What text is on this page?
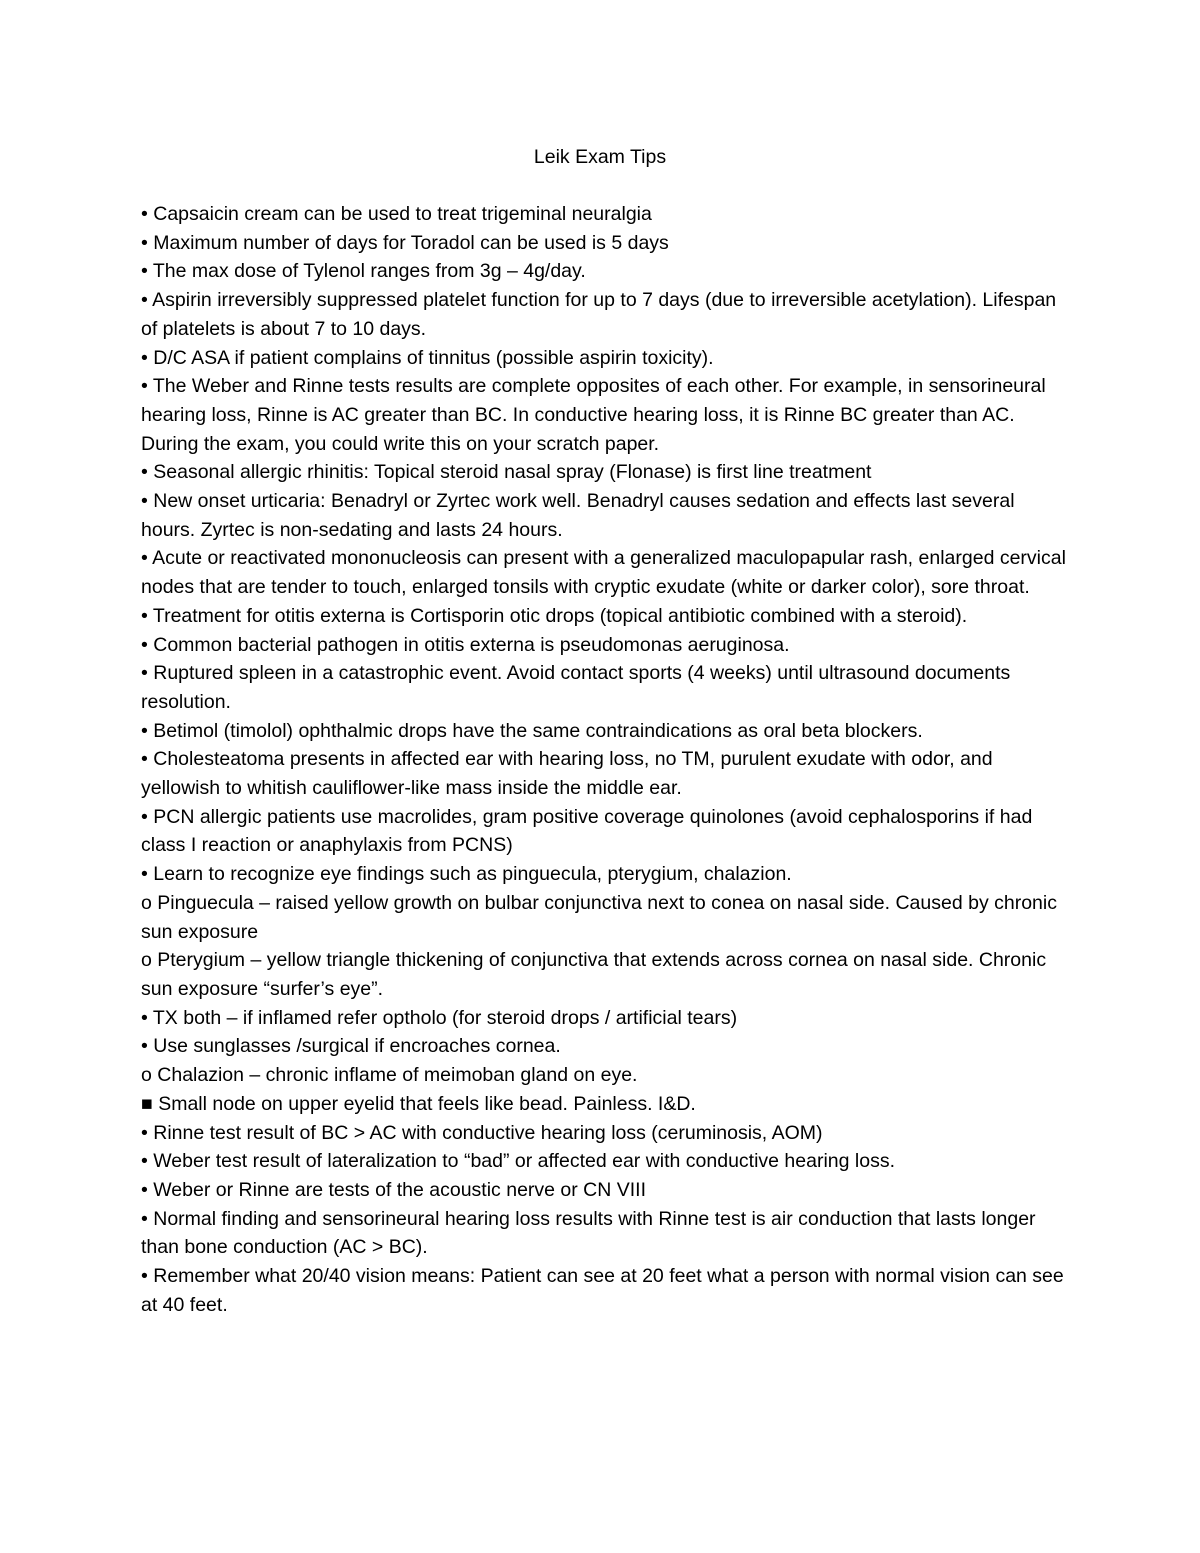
Leik Exam Tips

• Capsaicin cream can be used to treat trigeminal neuralgia

• Maximum number of days for Toradol can be used is 5 days

• The max dose of Tylenol ranges from 3g – 4g/day.

• Aspirin irreversibly suppressed platelet function for up to 7 days (due to irreversible acetylation). Lifespan of platelets is about 7 to 10 days.

• D/C ASA if patient complains of tinnitus (possible aspirin toxicity).

• The Weber and Rinne tests results are complete opposites of each other. For example, in sensorineural hearing loss, Rinne is AC greater than BC. In conductive hearing loss, it is Rinne BC greater than AC. During the exam, you could write this on your scratch paper.

• Seasonal allergic rhinitis: Topical steroid nasal spray (Flonase) is first line treatment

• New onset urticaria: Benadryl or Zyrtec work well. Benadryl causes sedation and effects last several hours. Zyrtec is non-sedating and lasts 24 hours.

• Acute or reactivated mononucleosis can present with a generalized maculopapular rash, enlarged cervical nodes that are tender to touch, enlarged tonsils with cryptic exudate (white or darker color), sore throat.

• Treatment for otitis externa is Cortisporin otic drops (topical antibiotic combined with a steroid).

• Common bacterial pathogen in otitis externa is pseudomonas aeruginosa.

• Ruptured spleen in a catastrophic event. Avoid contact sports (4 weeks) until ultrasound documents resolution.

• Betimol (timolol) ophthalmic drops have the same contraindications as oral beta blockers.

• Cholesteatoma presents in affected ear with hearing loss, no TM, purulent exudate with odor, and yellowish to whitish cauliflower-like mass inside the middle ear.

• PCN allergic patients use macrolides, gram positive coverage quinolones (avoid cephalosporins if had class I reaction or anaphylaxis from PCNS)

• Learn to recognize eye findings such as pinguecula, pterygium, chalazion.

o Pinguecula – raised yellow growth on bulbar conjunctiva next to conea on nasal side. Caused by chronic sun exposure

o Pterygium – yellow triangle thickening of conjunctiva that extends across cornea on nasal side. Chronic sun exposure “surfer’s eye”.

• TX both – if inflamed refer optholo (for steroid drops / artificial tears)

• Use sunglasses /surgical if encroaches cornea.

o Chalazion – chronic inflame of meimoban gland on eye.

■ Small node on upper eyelid that feels like bead. Painless. I&D.

• Rinne test result of BC > AC with conductive hearing loss (ceruminosis, AOM)

• Weber test result of lateralization to “bad” or affected ear with conductive hearing loss.

• Weber or Rinne are tests of the acoustic nerve or CN VIII

• Normal finding and sensorineural hearing loss results with Rinne test is air conduction that lasts longer than bone conduction (AC > BC).

• Remember what 20/40 vision means: Patient can see at 20 feet what a person with normal vision can see at 40 feet.
